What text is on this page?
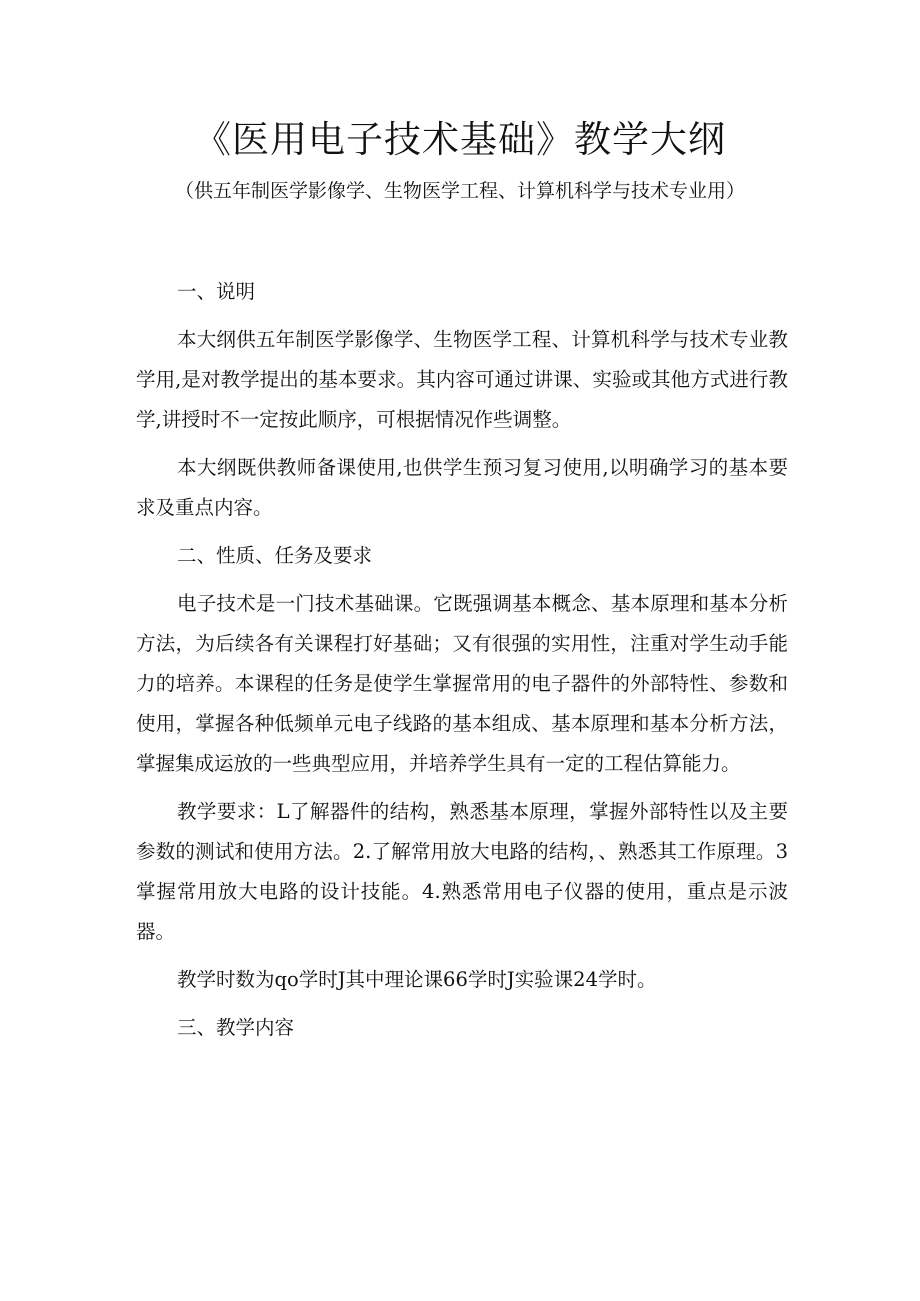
《医用电子技术基础》教学大纲

（供五年制医学影像学、生物医学工程、计算机科学与技术专业用）

一、说明

本大纲供五年制医学影像学、生物医学工程、计算机科学与技术专业教学用,是对教学提出的基本要求。其内容可通过讲课、实验或其他方式进行教学,讲授时不一定按此顺序，可根据情况作些调整。

本大纲既供教师备课使用,也供学生预习复习使用,以明确学习的基本要求及重点内容。

二、性质、任务及要求

电子技术是一门技术基础课。它既强调基本概念、基本原理和基本分析方法，为后续各有关课程打好基础；又有很强的实用性，注重对学生动手能力的培养。本课程的任务是使学生掌握常用的电子器件的外部特性、参数和使用，掌握各种低频单元电子线路的基本组成、基本原理和基本分析方法，掌握集成运放的一些典型应用，并培养学生具有一定的工程估算能力。

教学要求：L了解器件的结构，熟悉基本原理，掌握外部特性以及主要参数的测试和使用方法。2.了解常用放大电路的结构，、熟悉其工作原理。3掌握常用放大电路的设计技能。4.熟悉常用电子仪器的使用，重点是示波器。

教学时数为qo学时J其中理论课66学时J实验课24学时。

三、教学内容
